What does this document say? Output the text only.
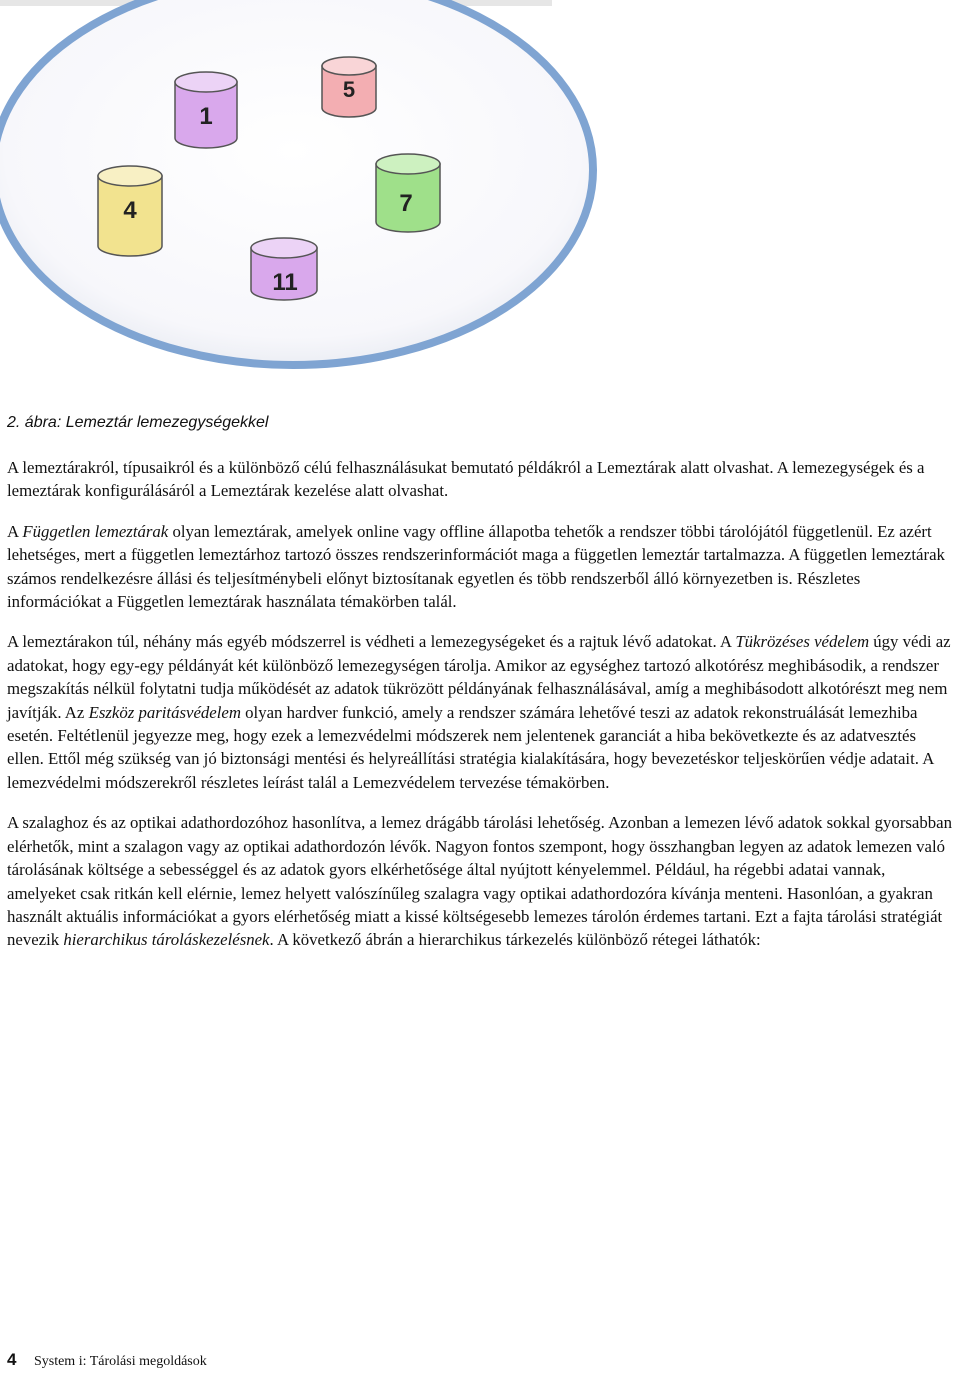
1
5
4	7
11
2. ábra: Lemeztár lemezegységekkel

A lemeztárakról, típusaikról és a különböző célú felhasználásukat bemutató példákról a Lemeztárak alatt olvashat. A lemezegységek és a lemeztárak konfigurálásáról a Lemeztárak kezelése alatt olvashat.

A Független lemeztárak olyan lemeztárak, amelyek online vagy offline állapotba tehetők a rendszer többi tárolójától függetlenül. Ez azért lehetséges, mert a független lemeztárhoz tartozó összes rendszerinformációt maga a független lemeztár tartalmazza. A független lemeztárak számos rendelkezésre állási és teljesítménybeli előnyt biztosítanak egyetlen és több rendszerből álló környezetben is. Részletes információkat a Független lemeztárak használata témakörben talál.

A lemeztárakon túl, néhány más egyéb módszerrel is védheti a lemezegységeket és a rajtuk lévő adatokat. A Tükrözéses védelem úgy védi az adatokat, hogy egy-egy példányát két különböző lemezegységen tárolja. Amikor az egységhez tartozó alkotórész meghibásodik, a rendszer megszakítás nélkül folytatni tudja működését az adatok tükrözött példányának felhasználásával, amíg a meghibásodott alkotórészt meg nem javítják. Az Eszköz paritásvédelem olyan hardver funkció, amely a rendszer számára lehetővé teszi az adatok rekonstruálását lemezhiba esetén. Feltétlenül jegyezze meg, hogy ezek a lemezvédelmi módszerek nem jelentenek garanciát a hiba bekövetkezte és az adatvesztés ellen. Ettől még szükség van jó biztonsági mentési és helyreállítási stratégia kialakítására, hogy bevezetéskor teljeskörűen védje adatait. A lemezvédelmi módszerekről részletes leírást talál a Lemezvédelem tervezése témakörben.

A szalaghoz és az optikai adathordozóhoz hasonlítva, a lemez drágább tárolási lehetőség. Azonban a lemezen lévő adatok sokkal gyorsabban elérhetők, mint a szalagon vagy az optikai adathordozón lévők. Nagyon fontos szempont, hogy összhangban legyen az adatok lemezen való tárolásának költsége a sebességgel és az adatok gyors elkérhetősége által nyújtott kényelemmel. Például, ha régebbi adatai vannak, amelyeket csak ritkán kell elérnie, lemez helyett valószínűleg szalagra vagy optikai adathordozóra kívánja menteni. Hasonlóan, a gyakran használt aktuális információkat a gyors elérhetőség miatt a kissé költségesebb lemezes tárolón érdemes tartani. Ezt a fajta tárolási stratégiát nevezik hierarchikus tároláskezelésnek. A következő ábrán a hierarchikus tárkezelés különböző rétegei láthatók:

4 System i: Tárolási megoldások
